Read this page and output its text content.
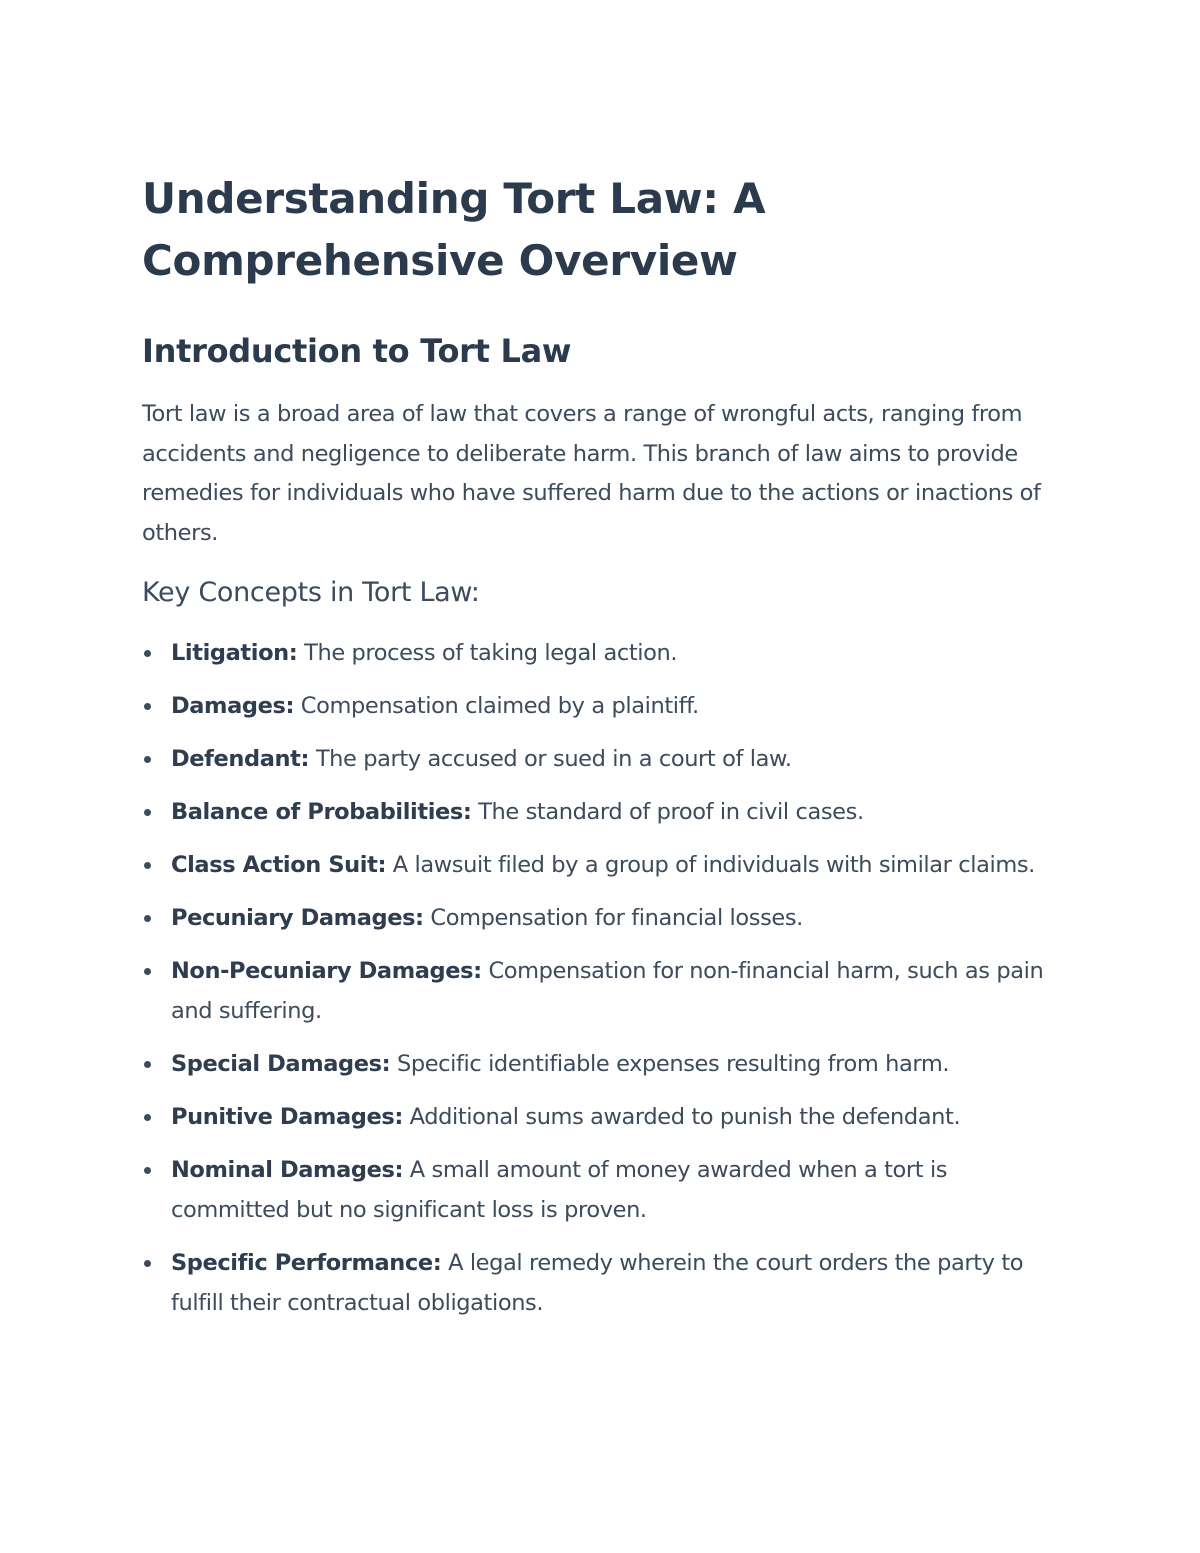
Understanding Tort Law: A Comprehensive Overview
Introduction to Tort Law

Tort law is a broad area of law that covers a range of wrongful acts, ranging from accidents and negligence to deliberate harm. This branch of law aims to provide remedies for individuals who have suffered harm due to the actions or inactions of others.

Key Concepts in Tort Law:
Litigation: The process of taking legal action.
Damages: Compensation claimed by a plaintiff.
Defendant: The party accused or sued in a court of law.
Balance of Probabilities: The standard of proof in civil cases.
Class Action Suit: A lawsuit filed by a group of individuals with similar claims.
Pecuniary Damages: Compensation for financial losses.
Non-Pecuniary Damages: Compensation for non-financial harm, such as pain and suffering.
Special Damages: Specific identifiable expenses resulting from harm.
Punitive Damages: Additional sums awarded to punish the defendant.
Nominal Damages: A small amount of money awarded when a tort is committed but no significant loss is proven.
Specific Performance: A legal remedy wherein the court orders the party to fulfill their contractual obligations.
